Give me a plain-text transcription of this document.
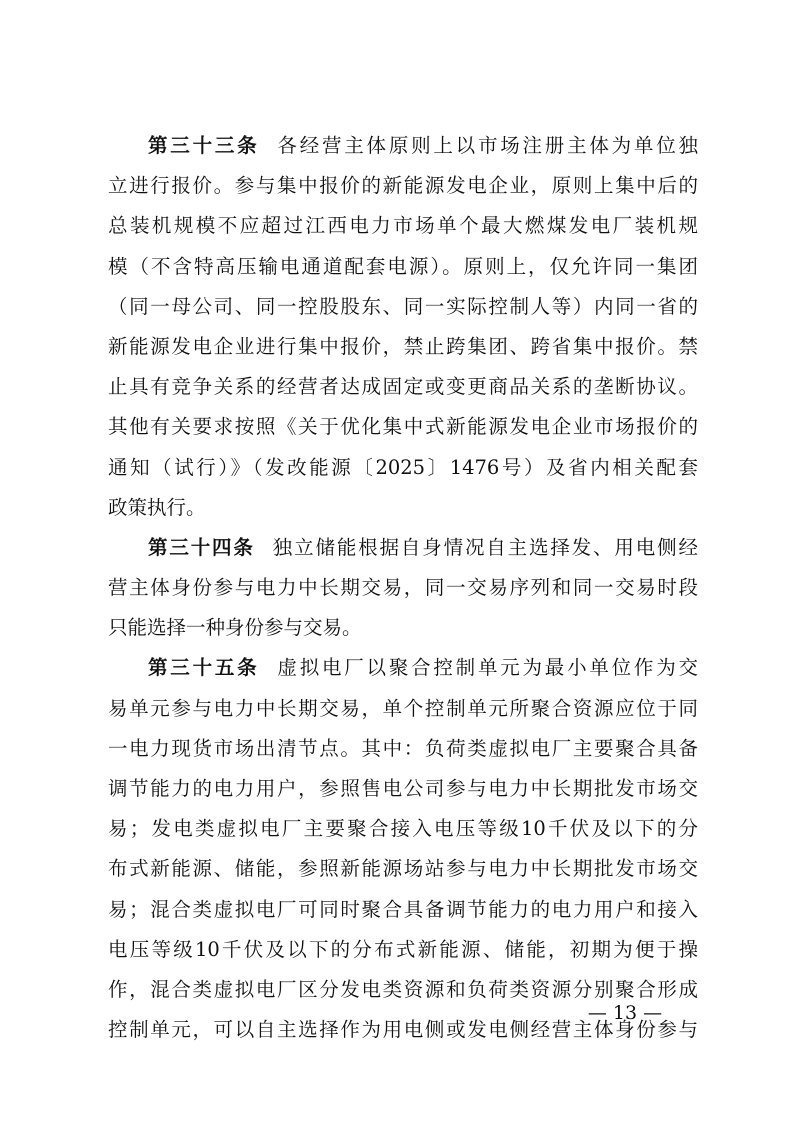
第三十三条 各经营主体原则上以市场注册主体为单位独
立进行报价。参与集中报价的新能源发电企业，原则上集中后的
总装机规模不应超过江西电力市场单个最大燃煤发电厂装机规
模（不含特高压输电通道配套电源）。原则上，仅允许同一集团
（同一母公司、同一控股股东、同一实际控制人等）内同一省的
新能源发电企业进行集中报价，禁止跨集团、跨省集中报价。禁
止具有竞争关系的经营者达成固定或变更商品关系的垄断协议。
其他有关要求按照《关于优化集中式新能源发电企业市场报价的
通知（试行）》（发改能源〔2025〕1476号）及省内相关配套
政策执行。
第三十四条 独立储能根据自身情况自主选择发、用电侧经
营主体身份参与电力中长期交易，同一交易序列和同一交易时段
只能选择一种身份参与交易。
第三十五条 虚拟电厂以聚合控制单元为最小单位作为交
易单元参与电力中长期交易，单个控制单元所聚合资源应位于同
一电力现货市场出清节点。其中：负荷类虚拟电厂主要聚合具备
调节能力的电力用户，参照售电公司参与电力中长期批发市场交
易；发电类虚拟电厂主要聚合接入电压等级10千伏及以下的分
布式新能源、储能，参照新能源场站参与电力中长期批发市场交
易；混合类虚拟电厂可同时聚合具备调节能力的电力用户和接入
电压等级10千伏及以下的分布式新能源、储能，初期为便于操
作，混合类虚拟电厂区分发电类资源和负荷类资源分别聚合形成
控制单元，可以自主选择作为用电侧或发电侧经营主体身份参与
— 13 —
